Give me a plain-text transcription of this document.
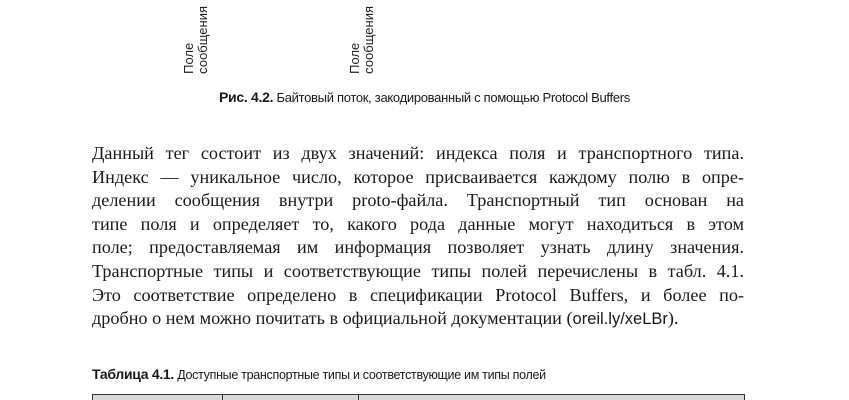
Поле сообщения	Поле сообщения
Рис. 4.2. Байтовый поток, закодированный с помощью Protocol Buffers
Данный тег состоит из двух значений: индекса поля и транспортного типа.
Индекс — уникальное число, которое присваивается каждому полю в опре-
делении сообщения внутри proto-файла. Транспортный тип основан на
типе поля и определяет то, какого рода данные могут находиться в этом
поле; предоставляемая им информация позволяет узнать длину значения.
Транспортные типы и соответствующие типы полей перечислены в табл. 4.1.
Это соответствие определено в спецификации Protocol Buffers, и более по-
дробно о нем можно почитать в официальной документации (oreil.ly/xeLBr).
Таблица 4.1. Доступные транспортные типы и соответствующие им типы полей
